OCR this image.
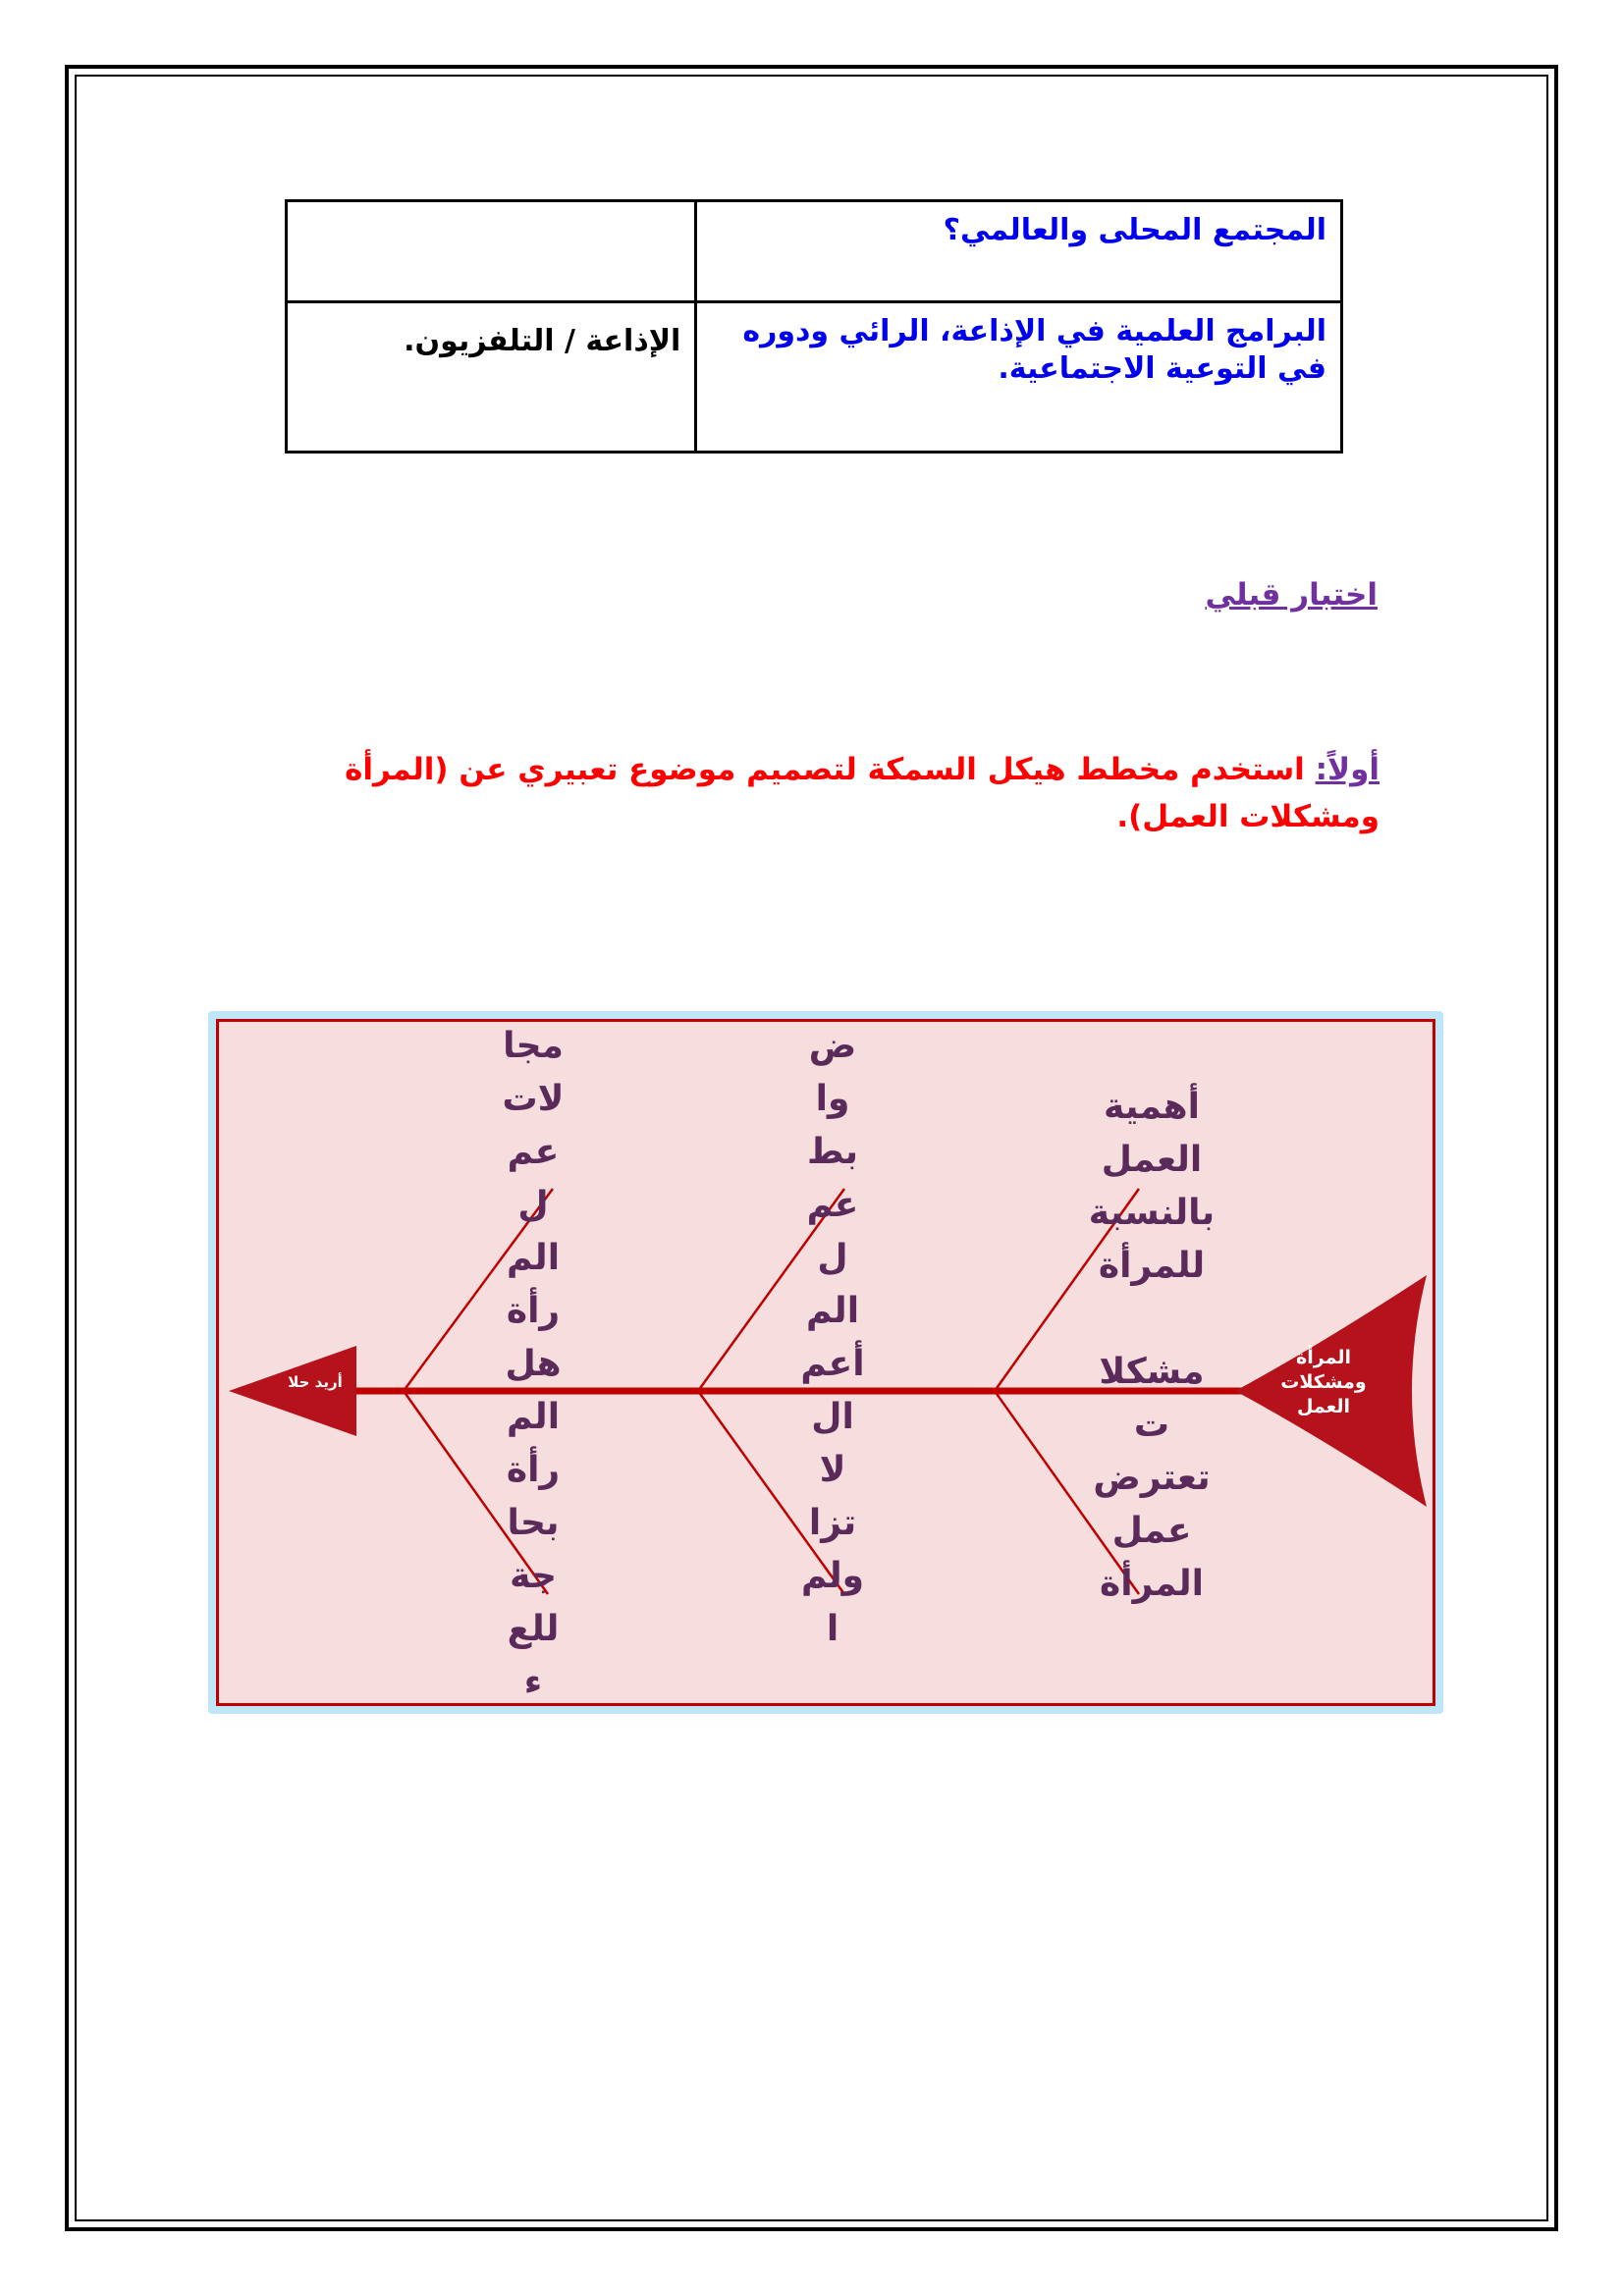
المجتمع المحلى والعالمي؟	

البرامج العلمية في الإذاعة، الرائي ودوره في التوعية الاجتماعية.	الإذاعة / التلفزيون.
اختبار قبلي
أولاً: استخدم مخطط هيكل السمكة لتصميم موضوع تعبيري عن (المرأة ومشكلات العمل).
المرأة ومشكلات العمل
أريد حلا
أهمية
العمل
بالنسبة
للمرأة
مشكلا
ت
تعترض
عمل
المرأة
ض
وا
بط
عم
ل
الم
أعم
ال
لا
تزا
ولم
ا
مجا
لات
عم
ل
الم
رأة
هل
الم
رأة
بحا
جة
للع
ء
